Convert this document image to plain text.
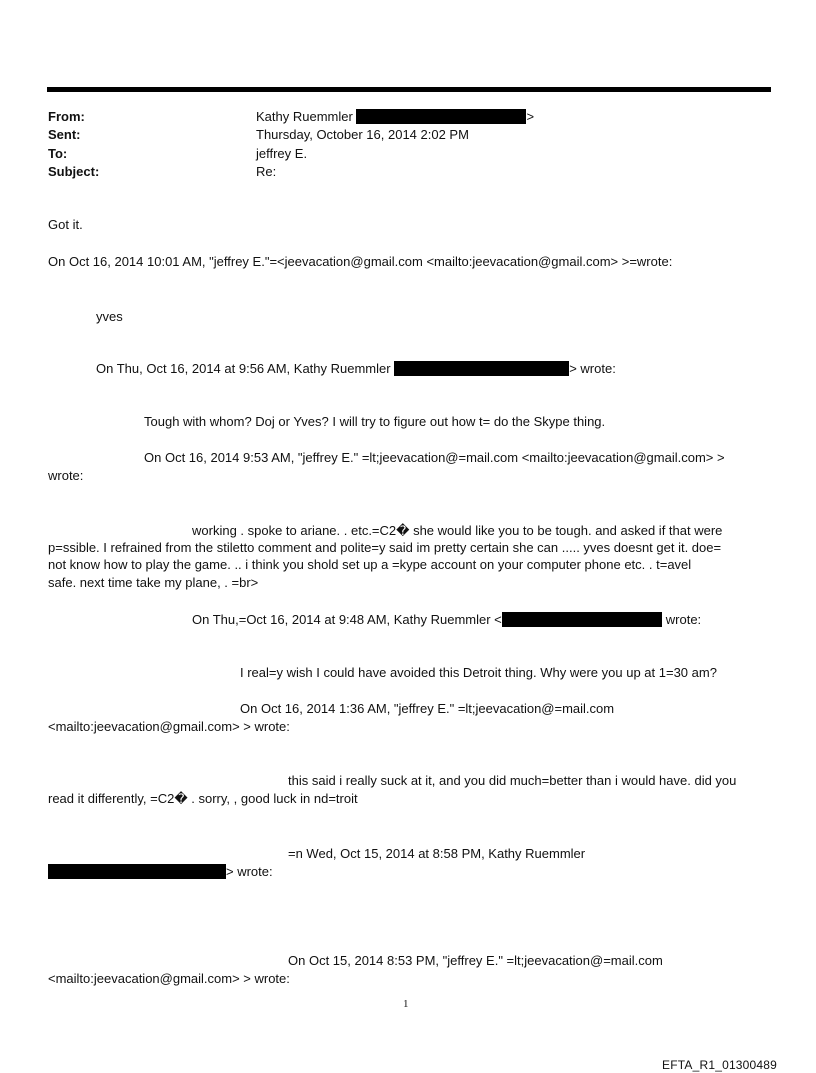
From:	Kathy Ruemmler	>
Sent:	Thursday, October 16, 2014 2:02 PM
To:	jeffrey E.
Subject:	Re:
Got it.
On Oct 16, 2014 10:01 AM, "jeffrey E."=<jeevacation@gmail.com <mailto:jeevacation@gmail.com> >=wrote:
yves
On Thu, Oct 16, 2014 at 9:56 AM, Kathy Ruemmler	> wrote:
Tough with whom? Doj or Yves? I will try to figure out how t= do the Skype thing.
On Oct 16, 2014 9:53 AM, "jeffrey E." =lt;jeevacation@=mail.com <mailto:jeevacation@gmail.com> >
wrote:
working . spoke to ariane. . etc.=C2� she would like you to be tough. and asked if that were
p=ssible. I refrained from the stiletto comment and polite=y said im pretty certain she can ..... yves doesnt get it. doe=
not know how to play the game. .. i think you shold set up a =kype account on your computer phone etc. . t=avel
safe. next time take my plane, . =br>
On Thu,=Oct 16, 2014 at 9:48 AM, Kathy Ruemmler <	wrote:
I real=y wish I could have avoided this Detroit thing. Why were you up at 1=30 am?
On Oct 16, 2014 1:36 AM, "jeffrey E." =lt;jeevacation@=mail.com
<mailto:jeevacation@gmail.com> > wrote:
this said i really suck at it, and you did much=better than i would have. did you
read it differently, =C2� . sorry, , good luck in nd=troit
=n Wed, Oct 15, 2014 at 8:58 PM, Kathy Ruemmler
> wrote:
On Oct 15, 2014 8:53 PM, "jeffrey E." =lt;jeevacation@=mail.com
<mailto:jeevacation@gmail.com> > wrote:
1
EFTA_R1_01300489
